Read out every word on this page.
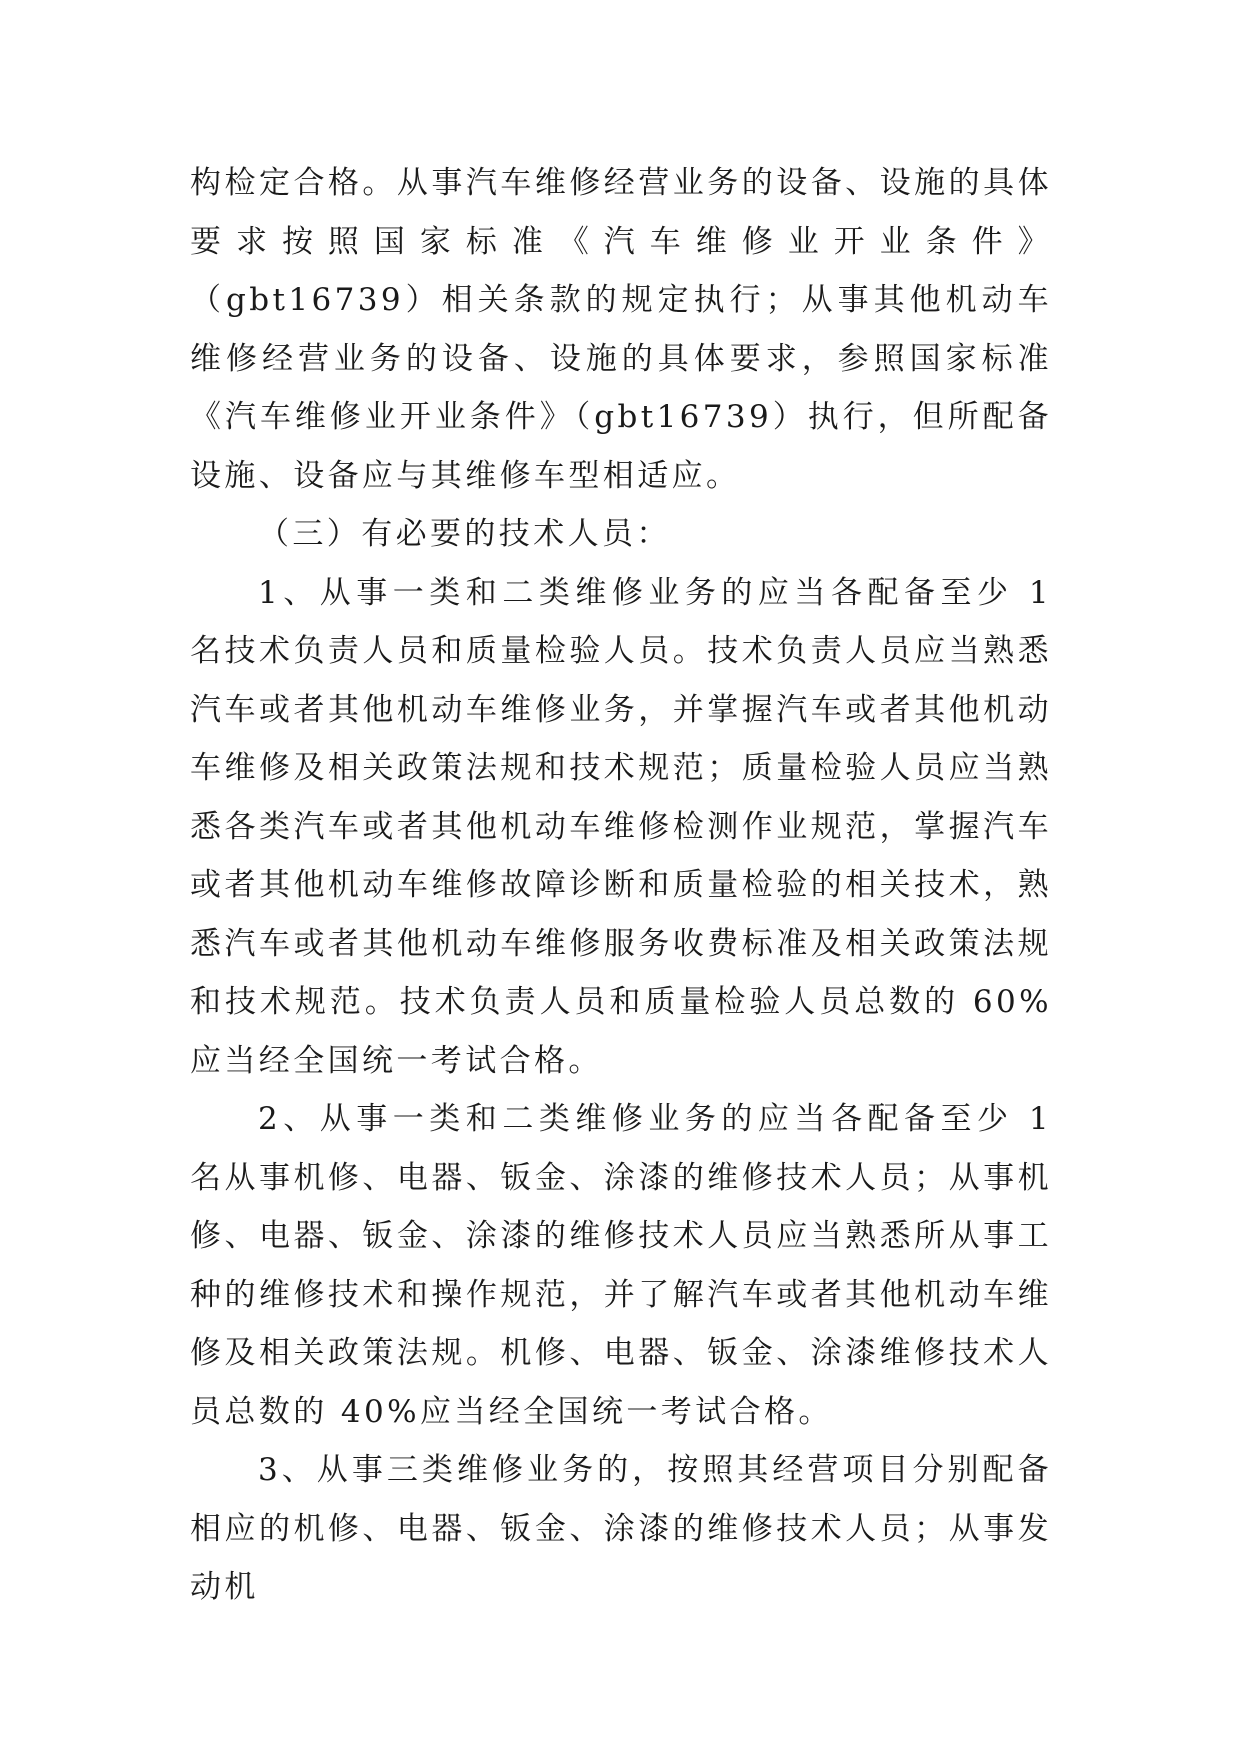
构检定合格。从事汽车维修经营业务的设备、设施的具体要求按照国家标准《汽车维修业开业条件》（gbt16739）相关条款的规定执行；从事其他机动车维修经营业务的设备、设施的具体要求，参照国家标准《汽车维修业开业条件》（gbt16739）执行，但所配备设施、设备应与其维修车型相适应。

（三）有必要的技术人员：

1、从事一类和二类维修业务的应当各配备至少 1 名技术负责人员和质量检验人员。技术负责人员应当熟悉汽车或者其他机动车维修业务，并掌握汽车或者其他机动车维修及相关政策法规和技术规范；质量检验人员应当熟悉各类汽车或者其他机动车维修检测作业规范，掌握汽车或者其他机动车维修故障诊断和质量检验的相关技术，熟悉汽车或者其他机动车维修服务收费标准及相关政策法规和技术规范。技术负责人员和质量检验人员总数的 60%应当经全国统一考试合格。

2、从事一类和二类维修业务的应当各配备至少 1 名从事机修、电器、钣金、涂漆的维修技术人员；从事机修、电器、钣金、涂漆的维修技术人员应当熟悉所从事工种的维修技术和操作规范，并了解汽车或者其他机动车维修及相关政策法规。机修、电器、钣金、涂漆维修技术人员总数的 40%应当经全国统一考试合格。

3、从事三类维修业务的，按照其经营项目分别配备相应的机修、电器、钣金、涂漆的维修技术人员；从事发动机
